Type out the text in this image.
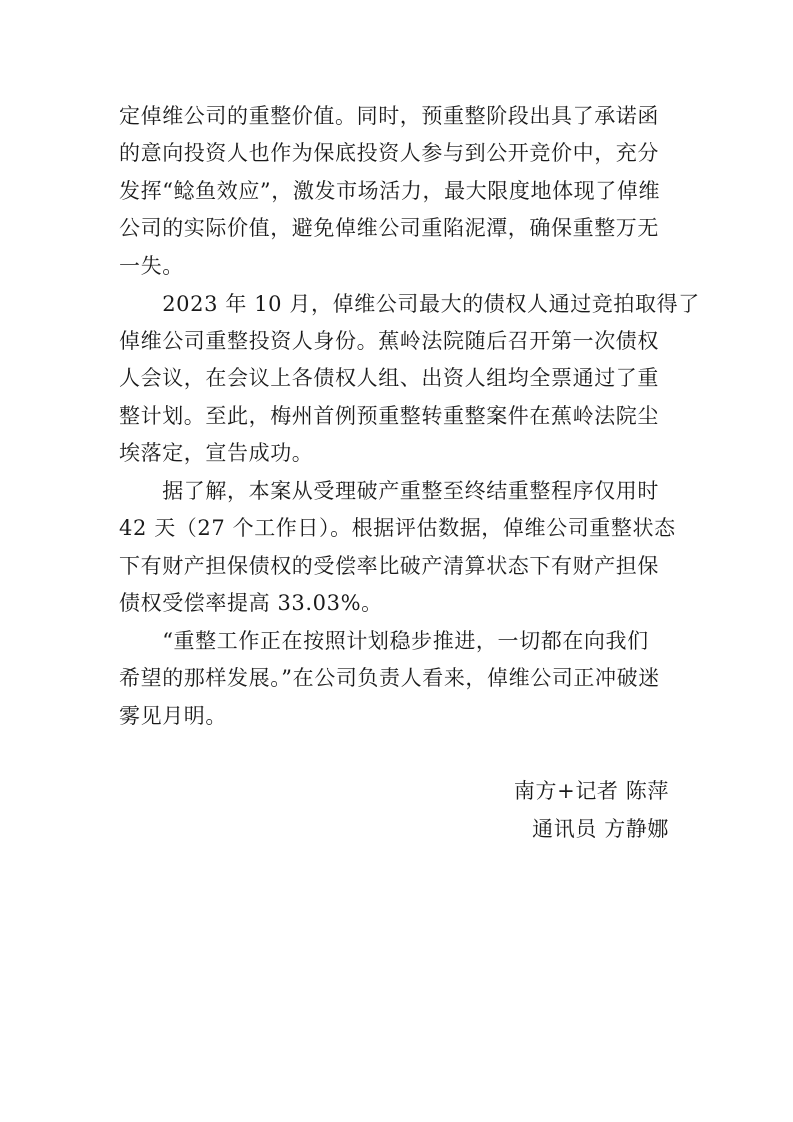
定倬维公司的重整价值。同时，预重整阶段出具了承诺函
的意向投资人也作为保底投资人参与到公开竞价中，充分
发挥“鲶鱼效应”，激发市场活力，最大限度地体现了倬维
公司的实际价值，避免倬维公司重陷泥潭，确保重整万无
一失。
　　2023 年 10 月，倬维公司最大的债权人通过竞拍取得了
倬维公司重整投资人身份。蕉岭法院随后召开第一次债权
人会议，在会议上各债权人组、出资人组均全票通过了重
整计划。至此，梅州首例预重整转重整案件在蕉岭法院尘
埃落定，宣告成功。
　　据了解，本案从受理破产重整至终结重整程序仅用时
42 天（27 个工作日）。根据评估数据，倬维公司重整状态
下有财产担保债权的受偿率比破产清算状态下有财产担保
债权受偿率提高 33.03%。
　　“重整工作正在按照计划稳步推进，一切都在向我们
希望的那样发展。”在公司负责人看来，倬维公司正冲破迷
雾见月明。
南方+记者 陈萍
通讯员 方静娜
